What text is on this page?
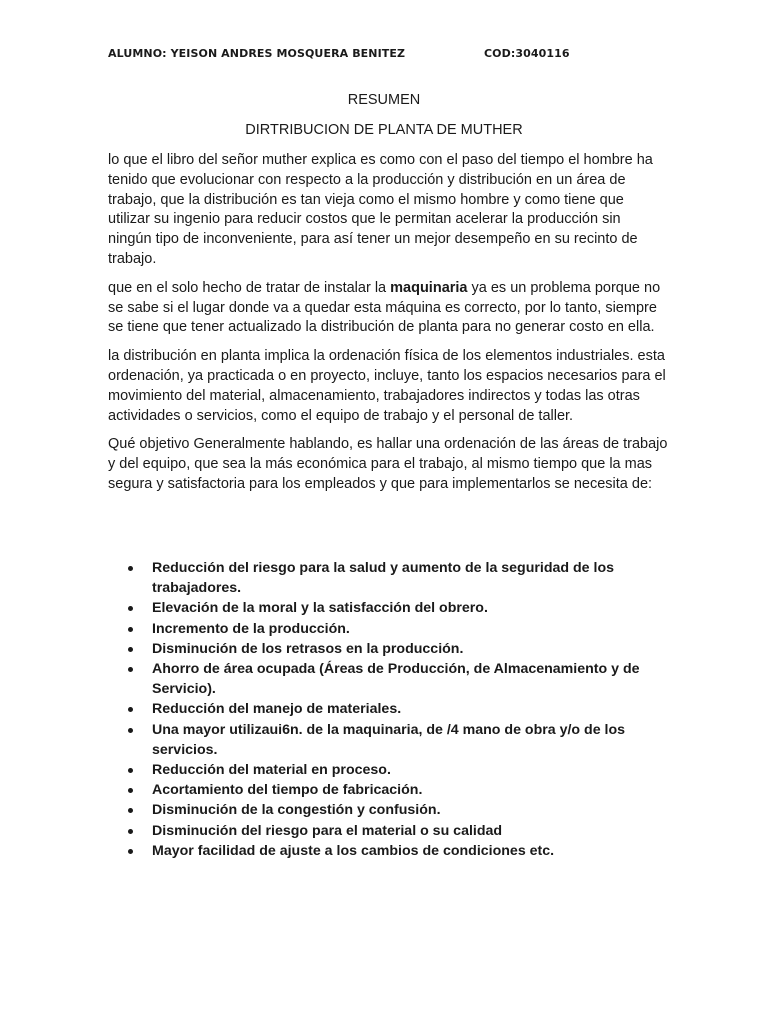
ALUMNO: YEISON ANDRES MOSQUERA BENITEZ	COD:3040116
RESUMEN
DIRTRIBUCION DE PLANTA DE MUTHER

lo que el libro del señor muther explica es como con el paso del tiempo el hombre ha tenido que evolucionar con respecto a la producción y distribución en un área de trabajo, que la distribución es tan vieja como el mismo hombre y como tiene que utilizar su ingenio para reducir costos que le permitan acelerar la producción sin ningún tipo de inconveniente, para así tener un mejor desempeño en su recinto de trabajo.

que en el solo hecho de tratar de instalar la maquinaria ya es un problema porque no se sabe si el lugar donde va a quedar esta máquina es correcto, por lo tanto, siempre se tiene que tener actualizado la distribución de planta para no generar costo en ella.

la distribución en planta implica la ordenación física de los elementos industriales. esta ordenación, ya practicada o en proyecto, incluye, tanto los espacios necesarios para el movimiento del material, almacenamiento, trabajadores indirectos y todas las otras actividades o servicios, como el equipo de trabajo y el personal de taller.

Qué objetivo Generalmente hablando, es hallar una ordenación de las áreas de trabajo y del equipo, que sea la más económica para el trabajo, al mismo tiempo que la mas segura y satisfactoria para los empleados y que para implementarlos se necesita de:

Reducción del riesgo para la salud y aumento de la seguridad de los trabajadores.
Elevación de la moral y la satisfacción del obrero.
Incremento de la producción.
Disminución de los retrasos en la producción.
Ahorro de área ocupada (Áreas de Producción, de Almacenamiento y de Servicio).
Reducción del manejo de materiales.
Una mayor utilizaui6n. de la maquinaria, de /4 mano de obra y/o de los servicios.
Reducción del material en proceso.
Acortamiento del tiempo de fabricación.
Disminución de la congestión y confusión.
Disminución del riesgo para el material o su calidad
Mayor facilidad de ajuste a los cambios de condiciones etc.
